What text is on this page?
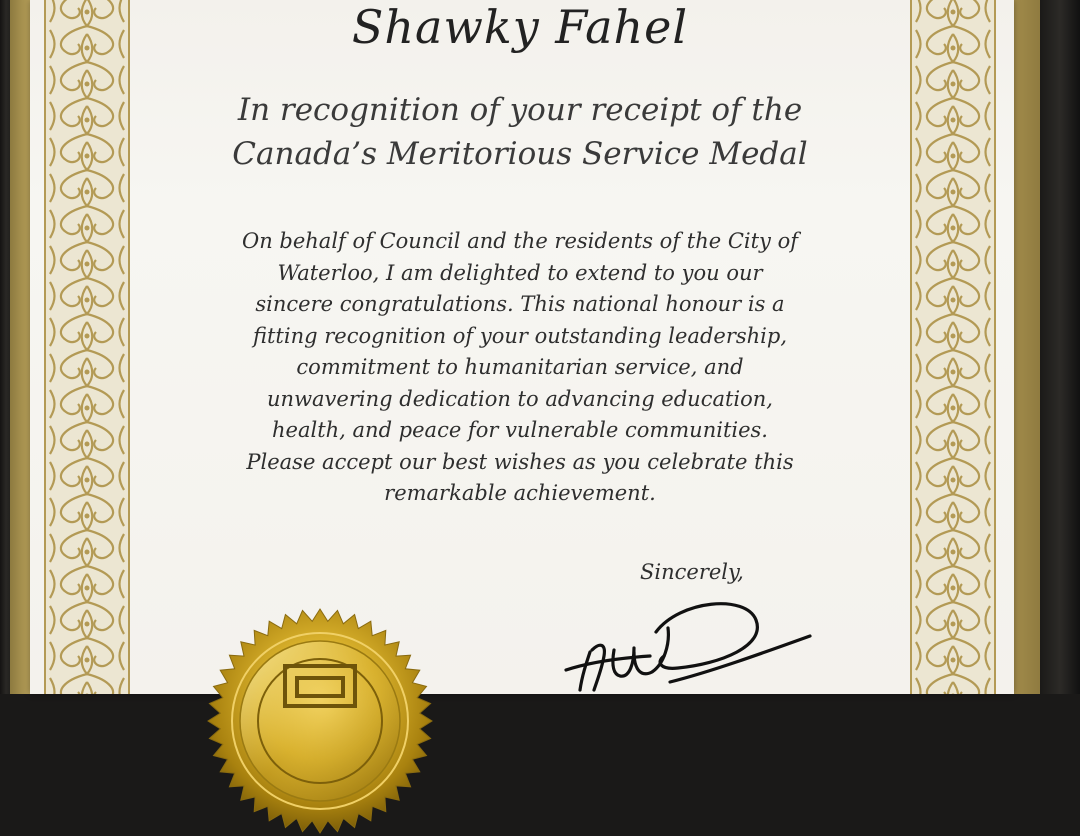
Shawky Fahel
In recognition of your receipt of the
Canada’s Meritorious Service Medal
On behalf of Council and the residents of the City of
Waterloo, I am delighted to extend to you our
sincere congratulations. This national honour is a
fitting recognition of your outstanding leadership,
commitment to humanitarian service, and
unwavering dedication to advancing education,
health, and peace for vulnerable communities.
Please accept our best wishes as you celebrate this
remarkable achievement.
Sincerely,
